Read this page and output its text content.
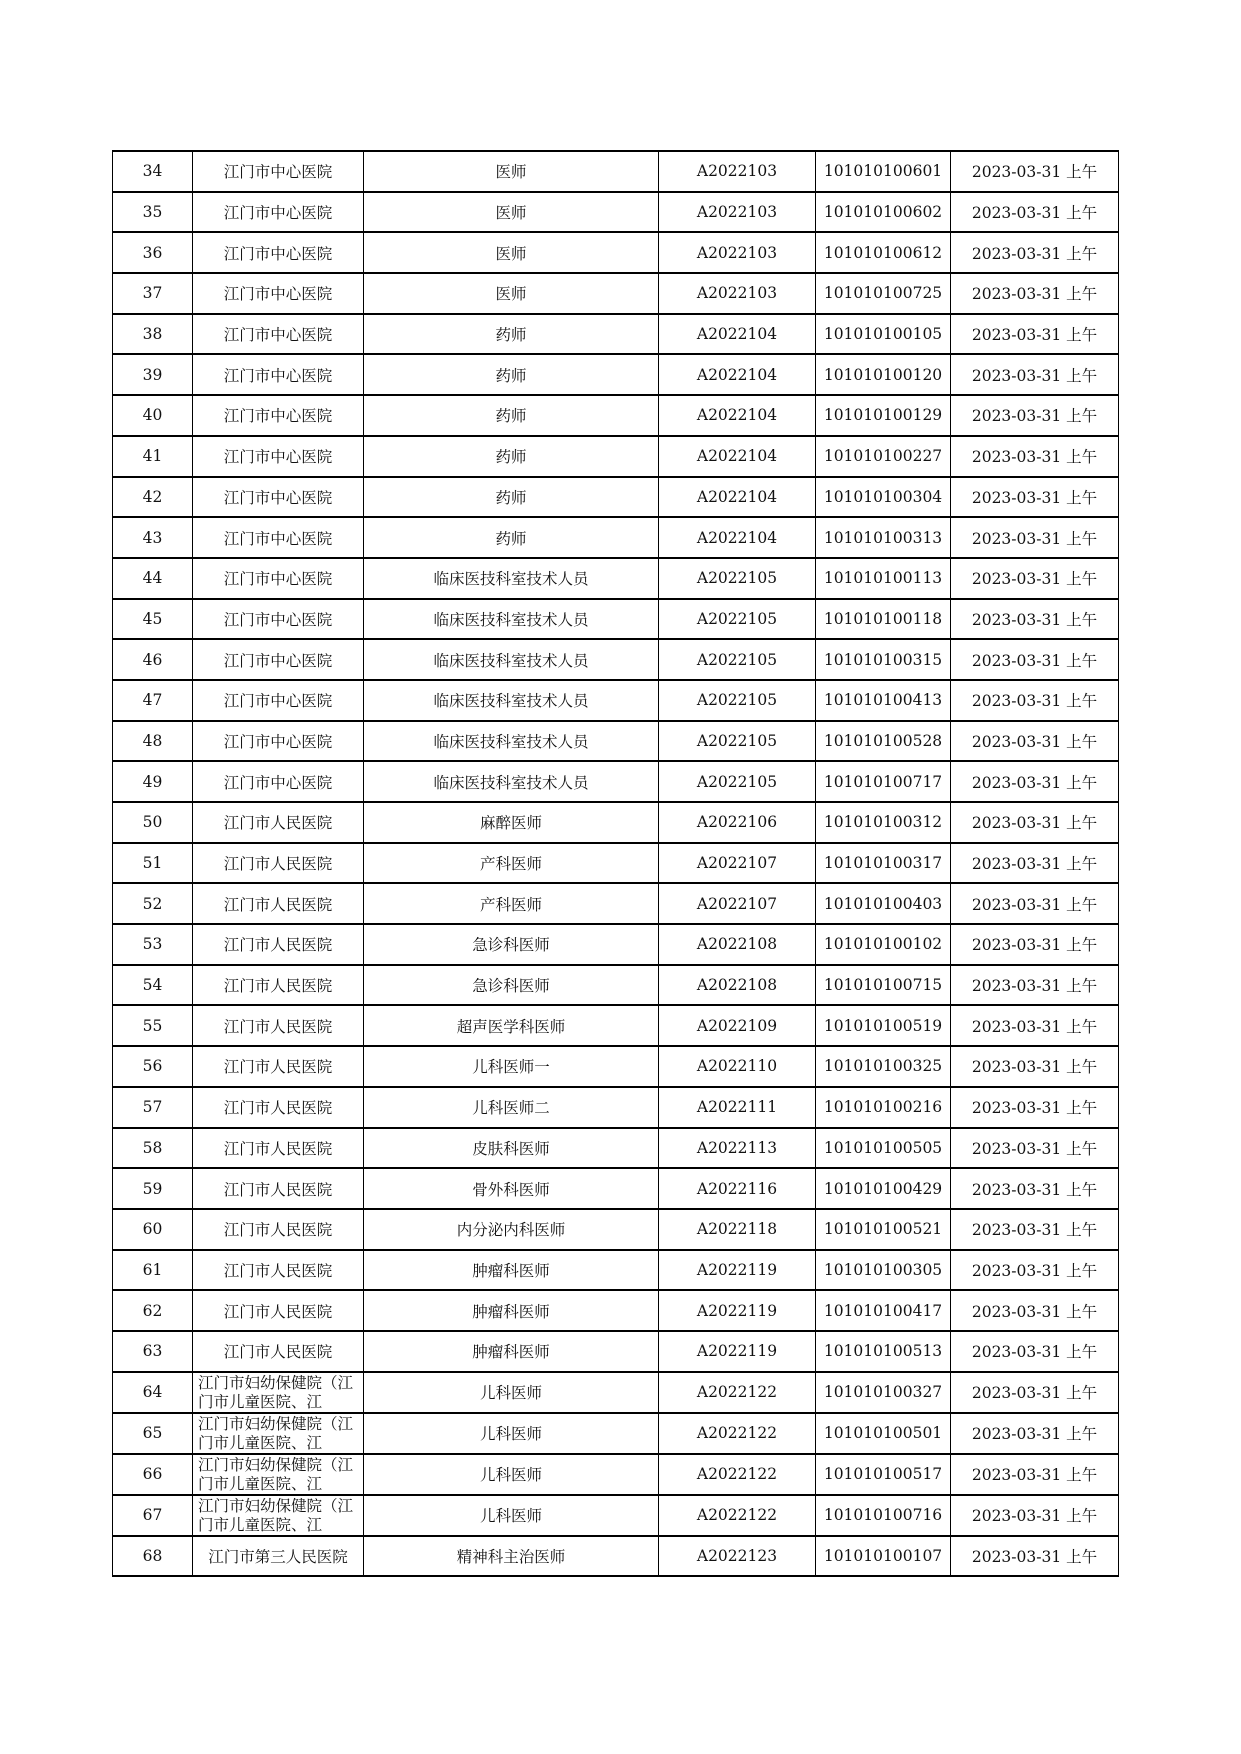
34	江门市中心医院	医师	A2022103	101010100601	2023-03-31 上午
35	江门市中心医院	医师	A2022103	101010100602	2023-03-31 上午
36	江门市中心医院	医师	A2022103	101010100612	2023-03-31 上午
37	江门市中心医院	医师	A2022103	101010100725	2023-03-31 上午
38	江门市中心医院	药师	A2022104	101010100105	2023-03-31 上午
39	江门市中心医院	药师	A2022104	101010100120	2023-03-31 上午
40	江门市中心医院	药师	A2022104	101010100129	2023-03-31 上午
41	江门市中心医院	药师	A2022104	101010100227	2023-03-31 上午
42	江门市中心医院	药师	A2022104	101010100304	2023-03-31 上午
43	江门市中心医院	药师	A2022104	101010100313	2023-03-31 上午
44	江门市中心医院	临床医技科室技术人员	A2022105	101010100113	2023-03-31 上午
45	江门市中心医院	临床医技科室技术人员	A2022105	101010100118	2023-03-31 上午
46	江门市中心医院	临床医技科室技术人员	A2022105	101010100315	2023-03-31 上午
47	江门市中心医院	临床医技科室技术人员	A2022105	101010100413	2023-03-31 上午
48	江门市中心医院	临床医技科室技术人员	A2022105	101010100528	2023-03-31 上午
49	江门市中心医院	临床医技科室技术人员	A2022105	101010100717	2023-03-31 上午
50	江门市人民医院	麻醉医师	A2022106	101010100312	2023-03-31 上午
51	江门市人民医院	产科医师	A2022107	101010100317	2023-03-31 上午
52	江门市人民医院	产科医师	A2022107	101010100403	2023-03-31 上午
53	江门市人民医院	急诊科医师	A2022108	101010100102	2023-03-31 上午
54	江门市人民医院	急诊科医师	A2022108	101010100715	2023-03-31 上午
55	江门市人民医院	超声医学科医师	A2022109	101010100519	2023-03-31 上午
56	江门市人民医院	儿科医师一	A2022110	101010100325	2023-03-31 上午
57	江门市人民医院	儿科医师二	A2022111	101010100216	2023-03-31 上午
58	江门市人民医院	皮肤科医师	A2022113	101010100505	2023-03-31 上午
59	江门市人民医院	骨外科医师	A2022116	101010100429	2023-03-31 上午
60	江门市人民医院	内分泌内科医师	A2022118	101010100521	2023-03-31 上午
61	江门市人民医院	肿瘤科医师	A2022119	101010100305	2023-03-31 上午
62	江门市人民医院	肿瘤科医师	A2022119	101010100417	2023-03-31 上午
63	江门市人民医院	肿瘤科医师	A2022119	101010100513	2023-03-31 上午
64	江门市妇幼保健院（江门市儿童医院、江	儿科医师	A2022122	101010100327	2023-03-31 上午
65	江门市妇幼保健院（江门市儿童医院、江	儿科医师	A2022122	101010100501	2023-03-31 上午
66	江门市妇幼保健院（江门市儿童医院、江	儿科医师	A2022122	101010100517	2023-03-31 上午
67	江门市妇幼保健院（江门市儿童医院、江	儿科医师	A2022122	101010100716	2023-03-31 上午
68	江门市第三人民医院	精神科主治医师	A2022123	101010100107	2023-03-31 上午
